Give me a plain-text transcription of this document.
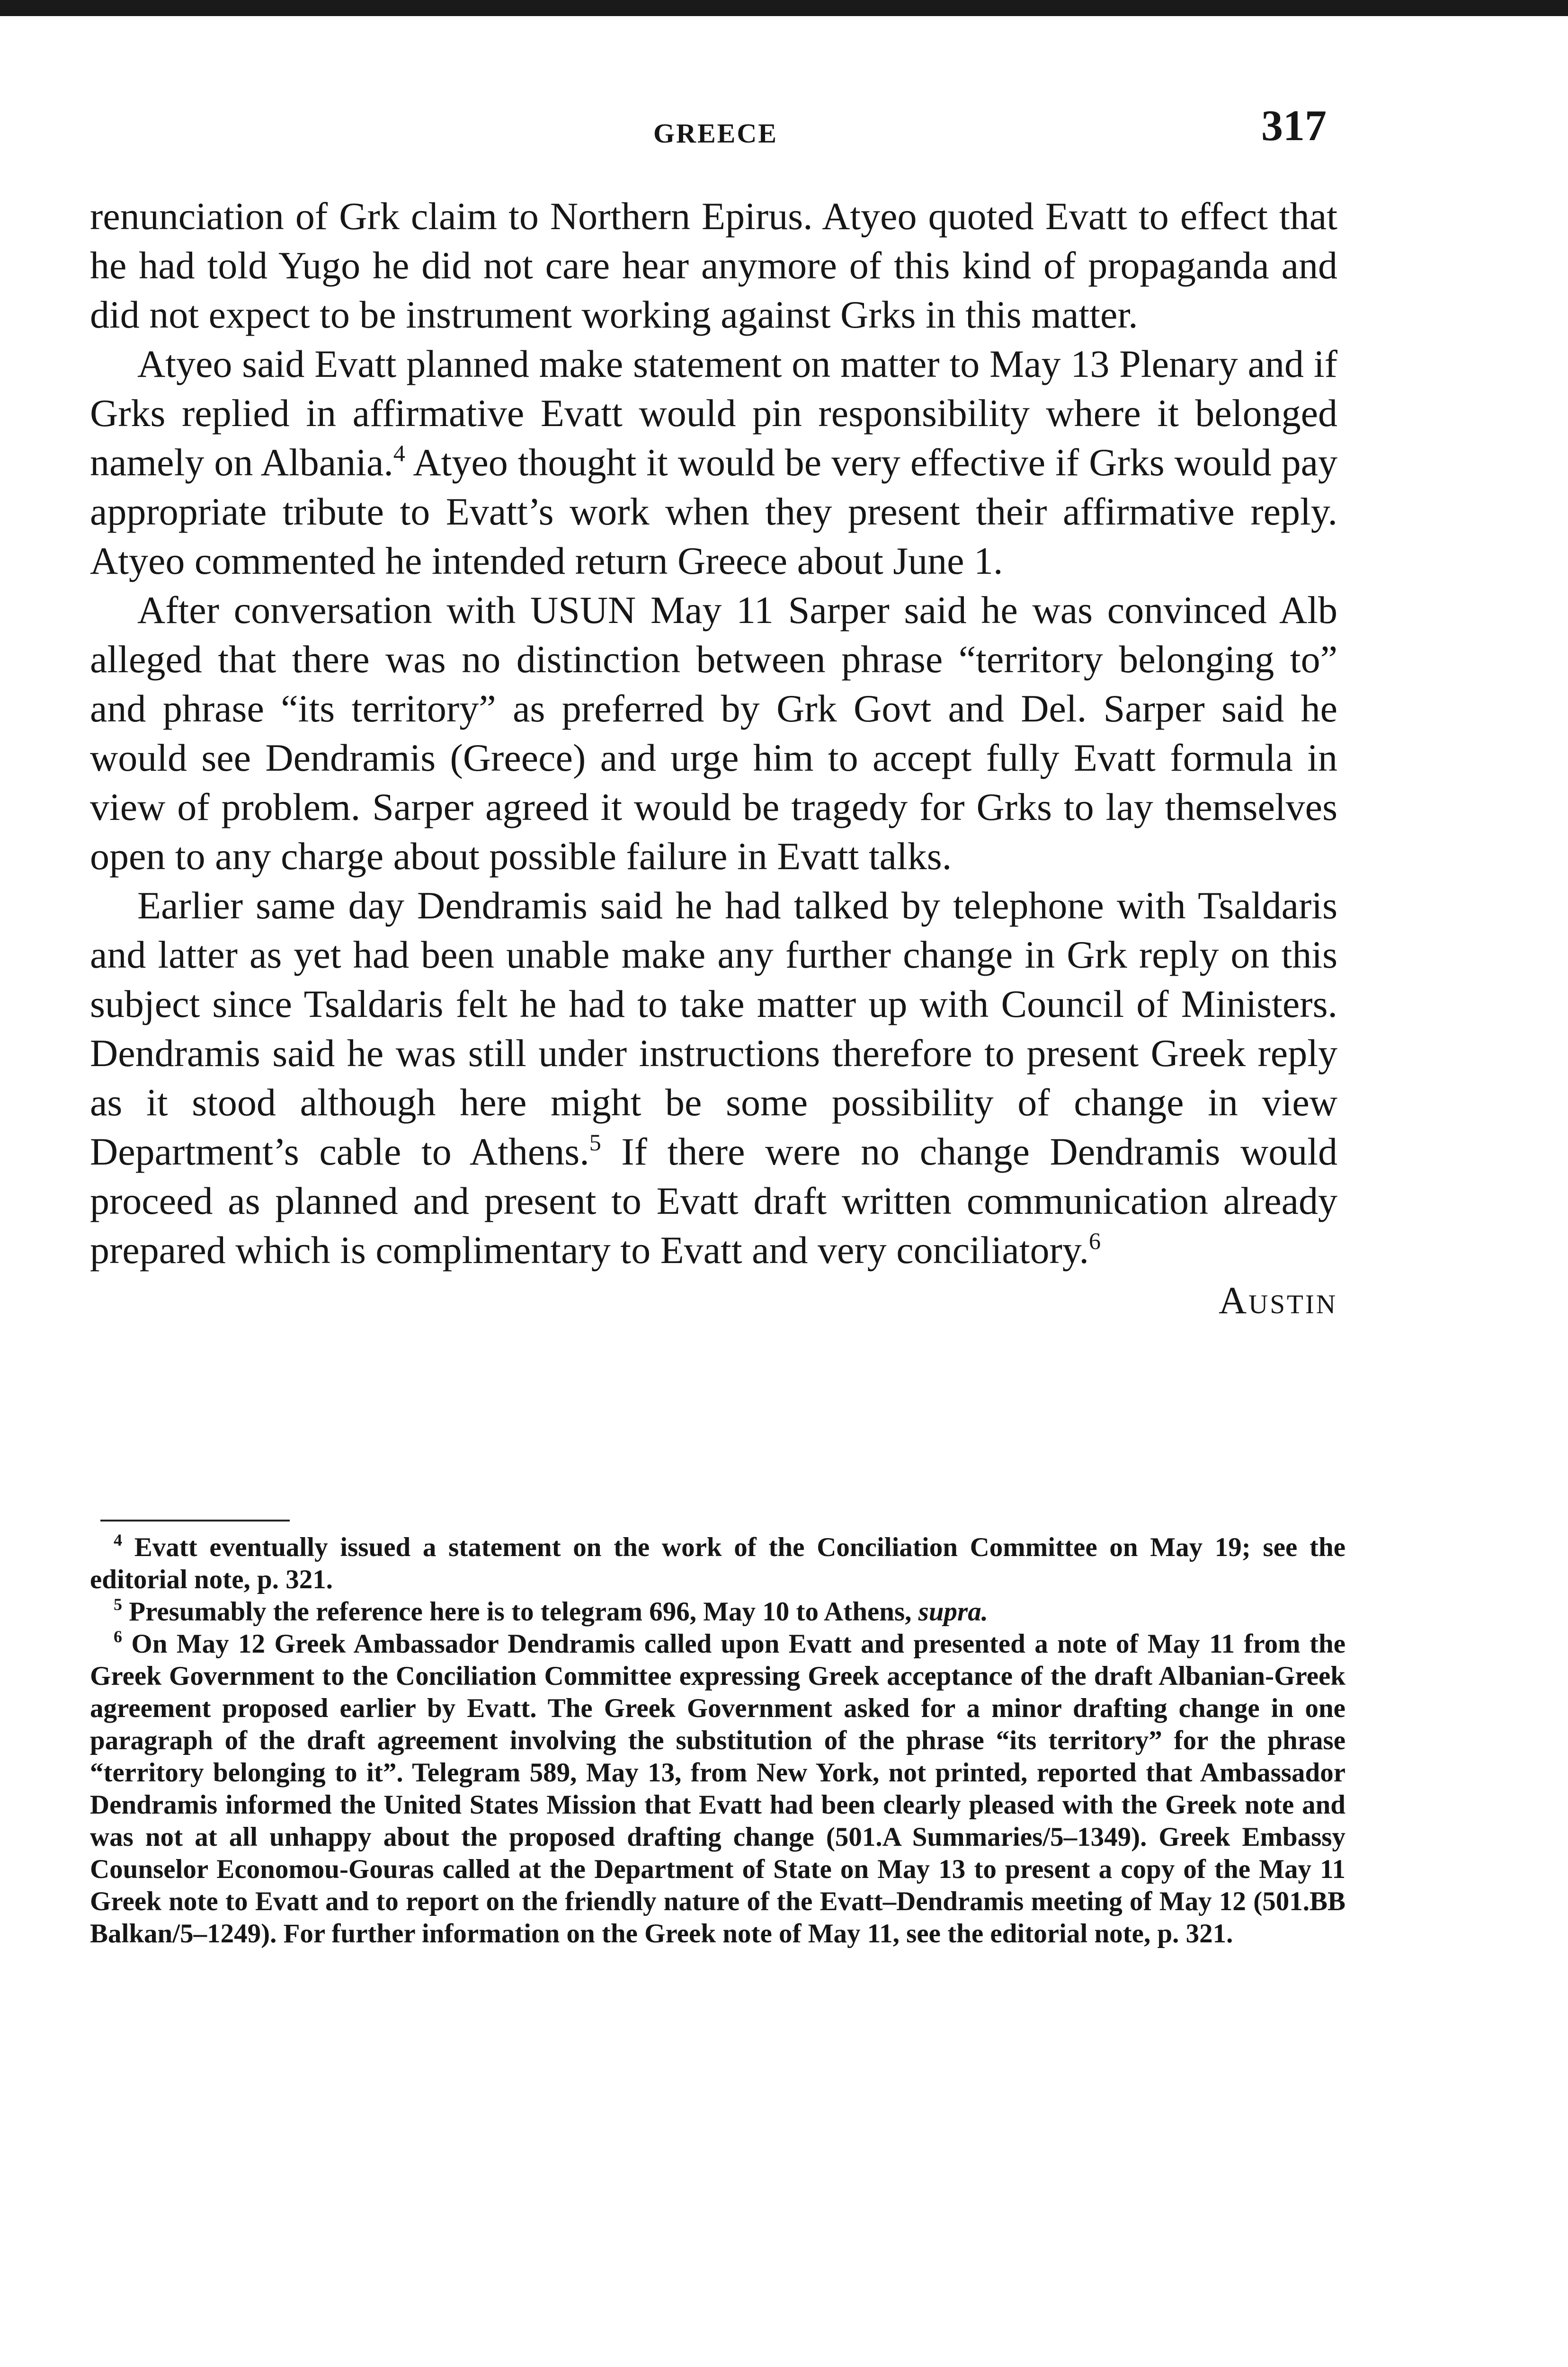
GREECE	317

renunciation of Grk claim to Northern Epirus. Atyeo quoted Evatt to effect that he had told Yugo he did not care hear anymore of this kind of propaganda and did not expect to be instrument working against Grks in this matter.

Atyeo said Evatt planned make statement on matter to May 13 Plenary and if Grks replied in affirmative Evatt would pin responsibility where it belonged namely on Albania.$^4$ Atyeo thought it would be very effective if Grks would pay appropriate tribute to Evatt’s work when they present their affirmative reply. Atyeo commented he intended return Greece about June 1.

After conversation with USUN May 11 Sarper said he was convinced Alb alleged that there was no distinction between phrase “territory belonging to” and phrase “its territory” as preferred by Grk Govt and Del. Sarper said he would see Dendramis (Greece) and urge him to accept fully Evatt formula in view of problem. Sarper agreed it would be tragedy for Grks to lay themselves open to any charge about possible failure in Evatt talks.

Earlier same day Dendramis said he had talked by telephone with Tsaldaris and latter as yet had been unable make any further change in Grk reply on this subject since Tsaldaris felt he had to take matter up with Council of Ministers. Dendramis said he was still under instructions therefore to present Greek reply as it stood although here might be some possibility of change in view Department’s cable to Athens.$^5$ If there were no change Dendramis would proceed as planned and present to Evatt draft written communication already prepared which is complimentary to Evatt and very conciliatory.$^6$

Austin

$^4$ Evatt eventually issued a statement on the work of the Conciliation Committee on May 19; see the editorial note, p. 321.

$^5$ Presumably the reference here is to telegram 696, May 10 to Athens, supra.

$^6$ On May 12 Greek Ambassador Dendramis called upon Evatt and presented a note of May 11 from the Greek Government to the Conciliation Committee expressing Greek acceptance of the draft Albanian-Greek agreement proposed earlier by Evatt. The Greek Government asked for a minor drafting change in one paragraph of the draft agreement involving the substitution of the phrase “its territory” for the phrase “territory belonging to it”. Telegram 589, May 13, from New York, not printed, reported that Ambassador Dendramis informed the United States Mission that Evatt had been clearly pleased with the Greek note and was not at all unhappy about the proposed drafting change (501.A Summaries/5–1349). Greek Embassy Counselor Economou-Gouras called at the Department of State on May 13 to present a copy of the May 11 Greek note to Evatt and to report on the friendly nature of the Evatt–Dendramis meeting of May 12 (501.BB Balkan/5–1249). For further information on the Greek note of May 11, see the editorial note, p. 321.
